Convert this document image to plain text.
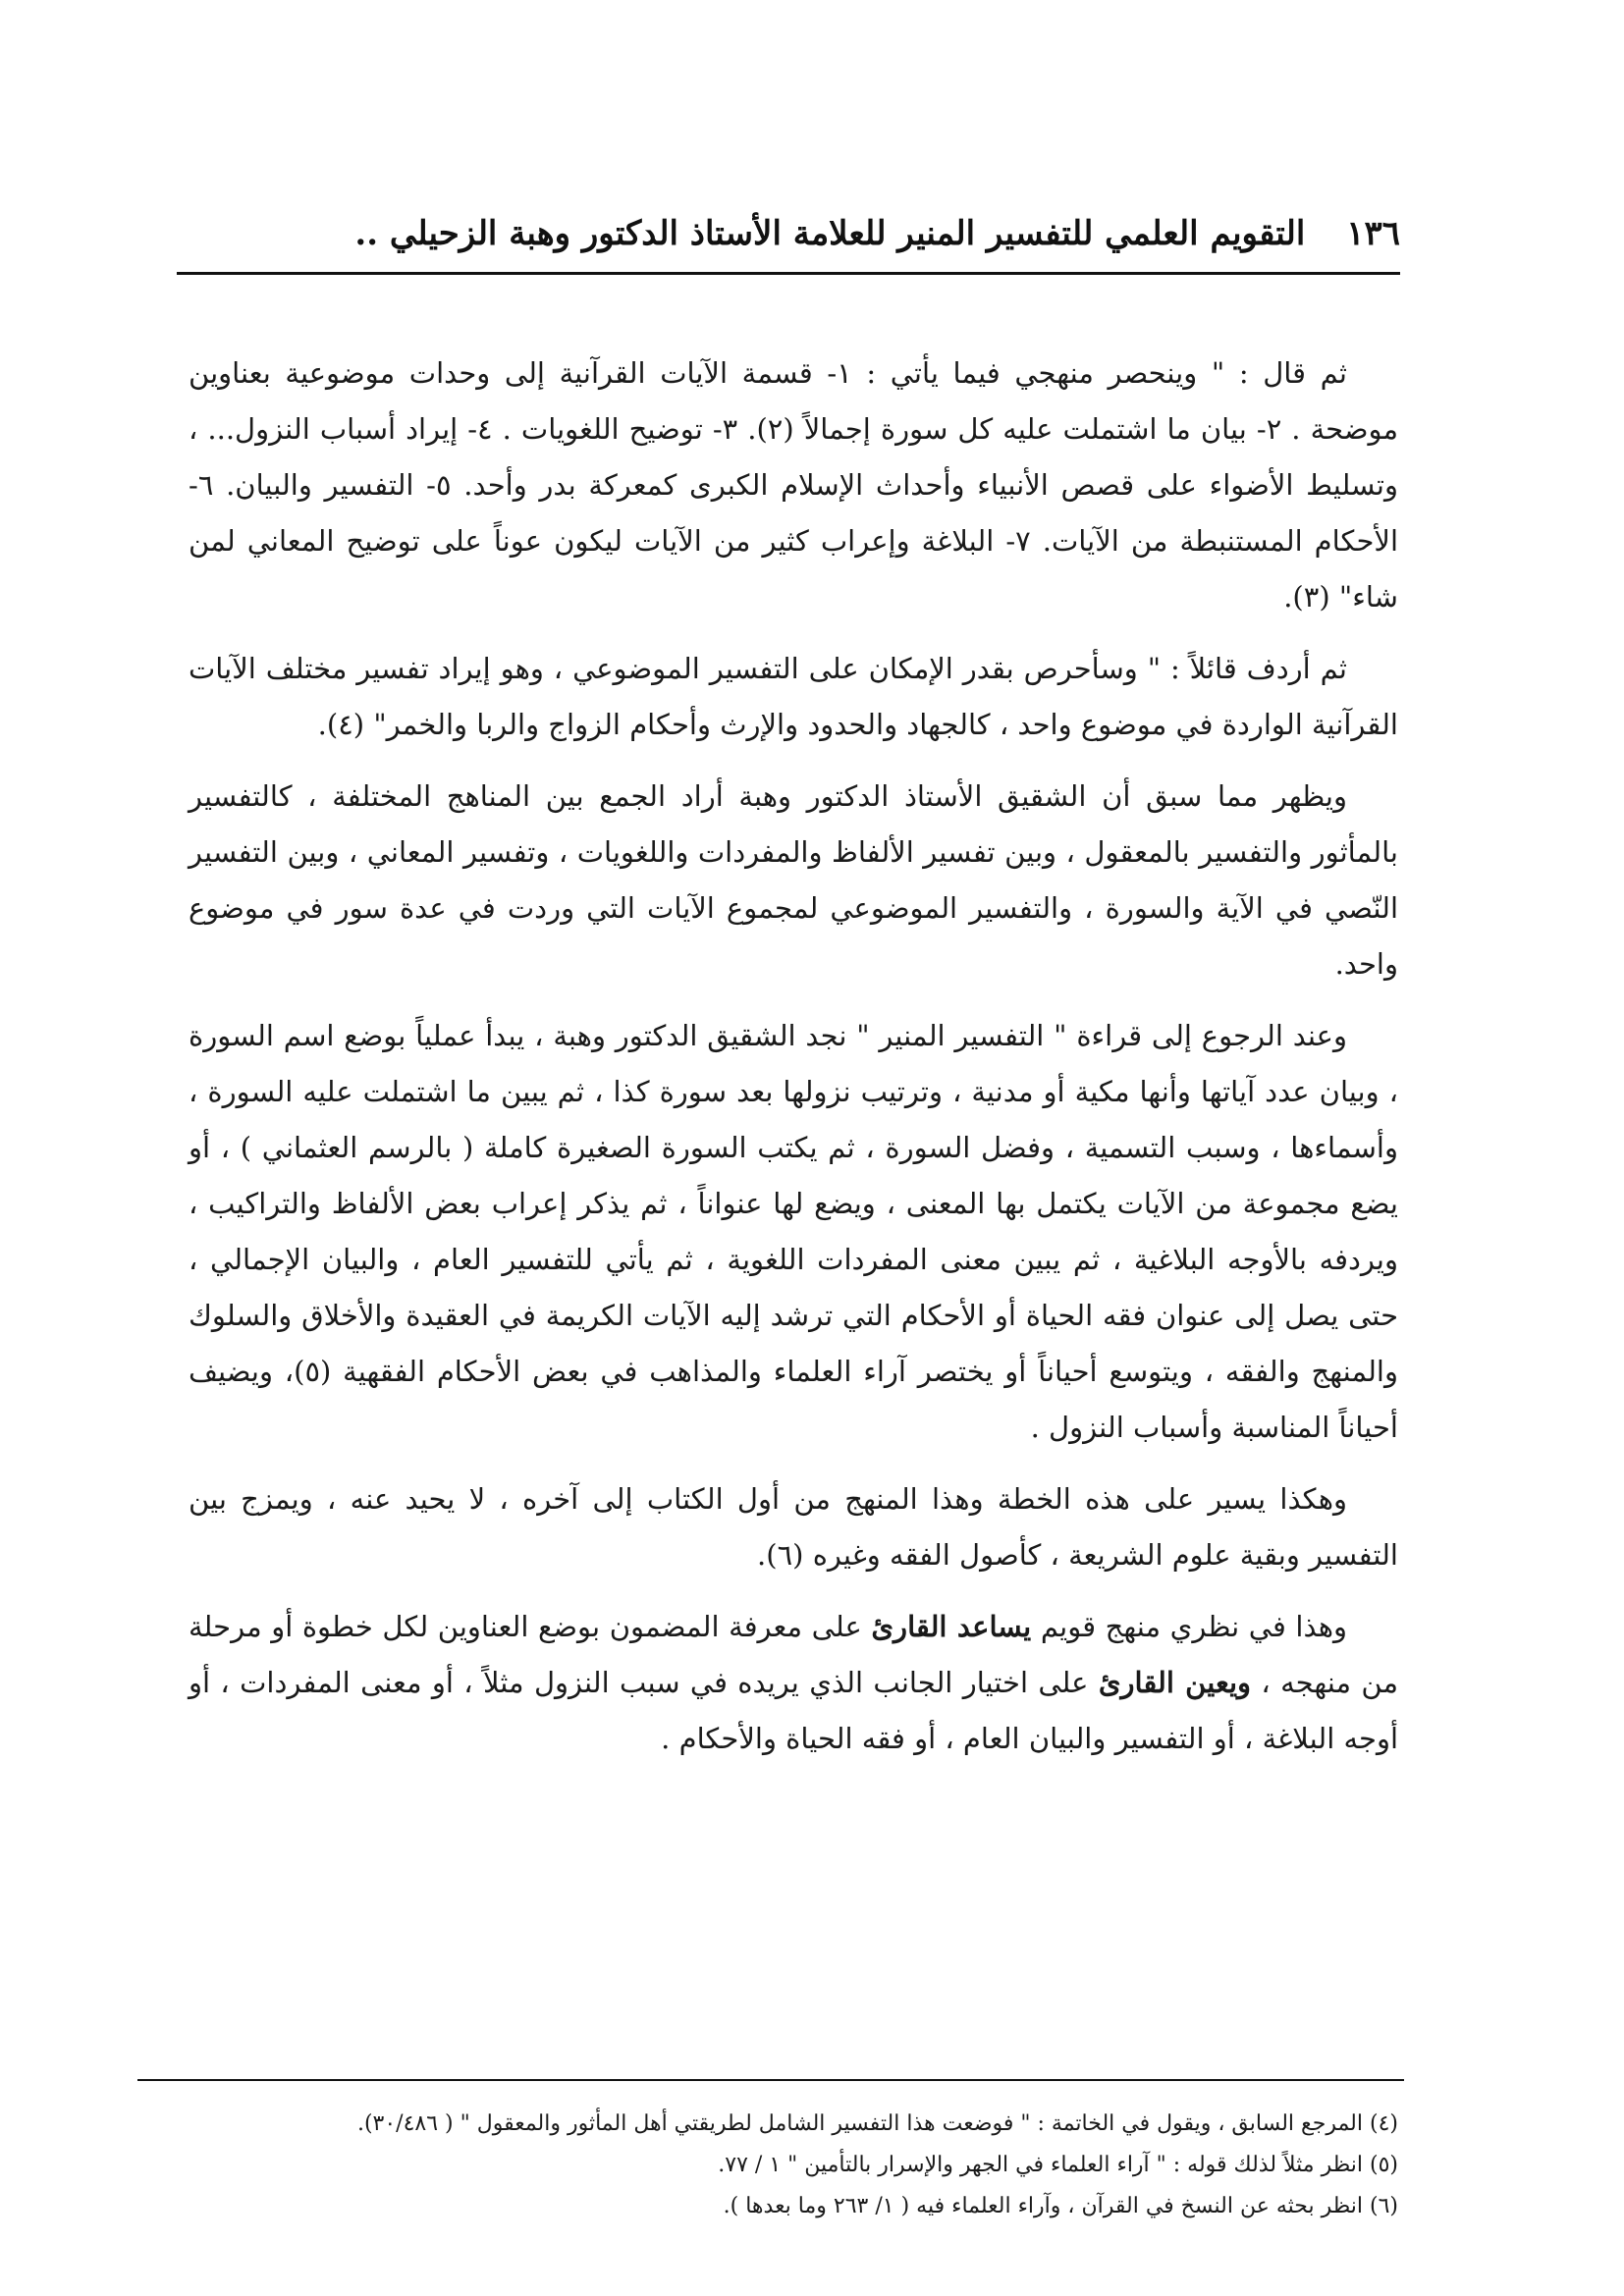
١٣٦ التقويم العلمي للتفسير المنير للعلامة الأستاذ الدكتور وهبة الزحيلي ..

ثم قال : " وينحصر منهجي فيما يأتي : ١- قسمة الآيات القرآنية إلى وحدات موضوعية بعناوين موضحة . ٢- بيان ما اشتملت عليه كل سورة إجمالاً (٢). ٣- توضيح اللغويات . ٤- إيراد أسباب النزول... ، وتسليط الأضواء على قصص الأنبياء وأحداث الإسلام الكبرى كمعركة بدر وأحد. ٥- التفسير والبيان. ٦- الأحكام المستنبطة من الآيات. ٧- البلاغة وإعراب كثير من الآيات ليكون عوناً على توضيح المعاني لمن شاء" (٣).

ثم أردف قائلاً : " وسأحرص بقدر الإمكان على التفسير الموضوعي ، وهو إيراد تفسير مختلف الآيات القرآنية الواردة في موضوع واحد ، كالجهاد والحدود والإرث وأحكام الزواج والربا والخمر" (٤).

ويظهر مما سبق أن الشقيق الأستاذ الدكتور وهبة أراد الجمع بين المناهج المختلفة ، كالتفسير بالمأثور والتفسير بالمعقول ، وبين تفسير الألفاظ والمفردات واللغويات ، وتفسير المعاني ، وبين التفسير النّصي في الآية والسورة ، والتفسير الموضوعي لمجموع الآيات التي وردت في عدة سور في موضوع واحد.

وعند الرجوع إلى قراءة " التفسير المنير " نجد الشقيق الدكتور وهبة ، يبدأ عملياً بوضع اسم السورة ، وبيان عدد آياتها وأنها مكية أو مدنية ، وترتيب نزولها بعد سورة كذا ، ثم يبين ما اشتملت عليه السورة ، وأسماءها ، وسبب التسمية ، وفضل السورة ، ثم يكتب السورة الصغيرة كاملة ( بالرسم العثماني ) ، أو يضع مجموعة من الآيات يكتمل بها المعنى ، ويضع لها عنواناً ، ثم يذكر إعراب بعض الألفاظ والتراكيب ، ويردفه بالأوجه البلاغية ، ثم يبين معنى المفردات اللغوية ، ثم يأتي للتفسير العام ، والبيان الإجمالي ، حتى يصل إلى عنوان فقه الحياة أو الأحكام التي ترشد إليه الآيات الكريمة في العقيدة والأخلاق والسلوك والمنهج والفقه ، ويتوسع أحياناً أو يختصر آراء العلماء والمذاهب في بعض الأحكام الفقهية (٥)، ويضيف أحياناً المناسبة وأسباب النزول .

وهكذا يسير على هذه الخطة وهذا المنهج من أول الكتاب إلى آخره ، لا يحيد عنه ، ويمزج بين التفسير وبقية علوم الشريعة ، كأصول الفقه وغيره (٦).

وهذا في نظري منهج قويم يساعد القارئ على معرفة المضمون بوضع العناوين لكل خطوة أو مرحلة من منهجه ، ويعين القارئ على اختيار الجانب الذي يريده في سبب النزول مثلاً ، أو معنى المفردات ، أو أوجه البلاغة ، أو التفسير والبيان العام ، أو فقه الحياة والأحكام .

(٤) المرجع السابق ، ويقول في الخاتمة : " فوضعت هذا التفسير الشامل لطريقتي أهل المأثور والمعقول " ( ٣٠/٤٨٦).

(٥) انظر مثلاً لذلك قوله : " آراء العلماء في الجهر والإسرار بالتأمين " ١ / ٧٧.

(٦) انظر بحثه عن النسخ في القرآن ، وآراء العلماء فيه ( ١/ ٢٦٣ وما بعدها ).
